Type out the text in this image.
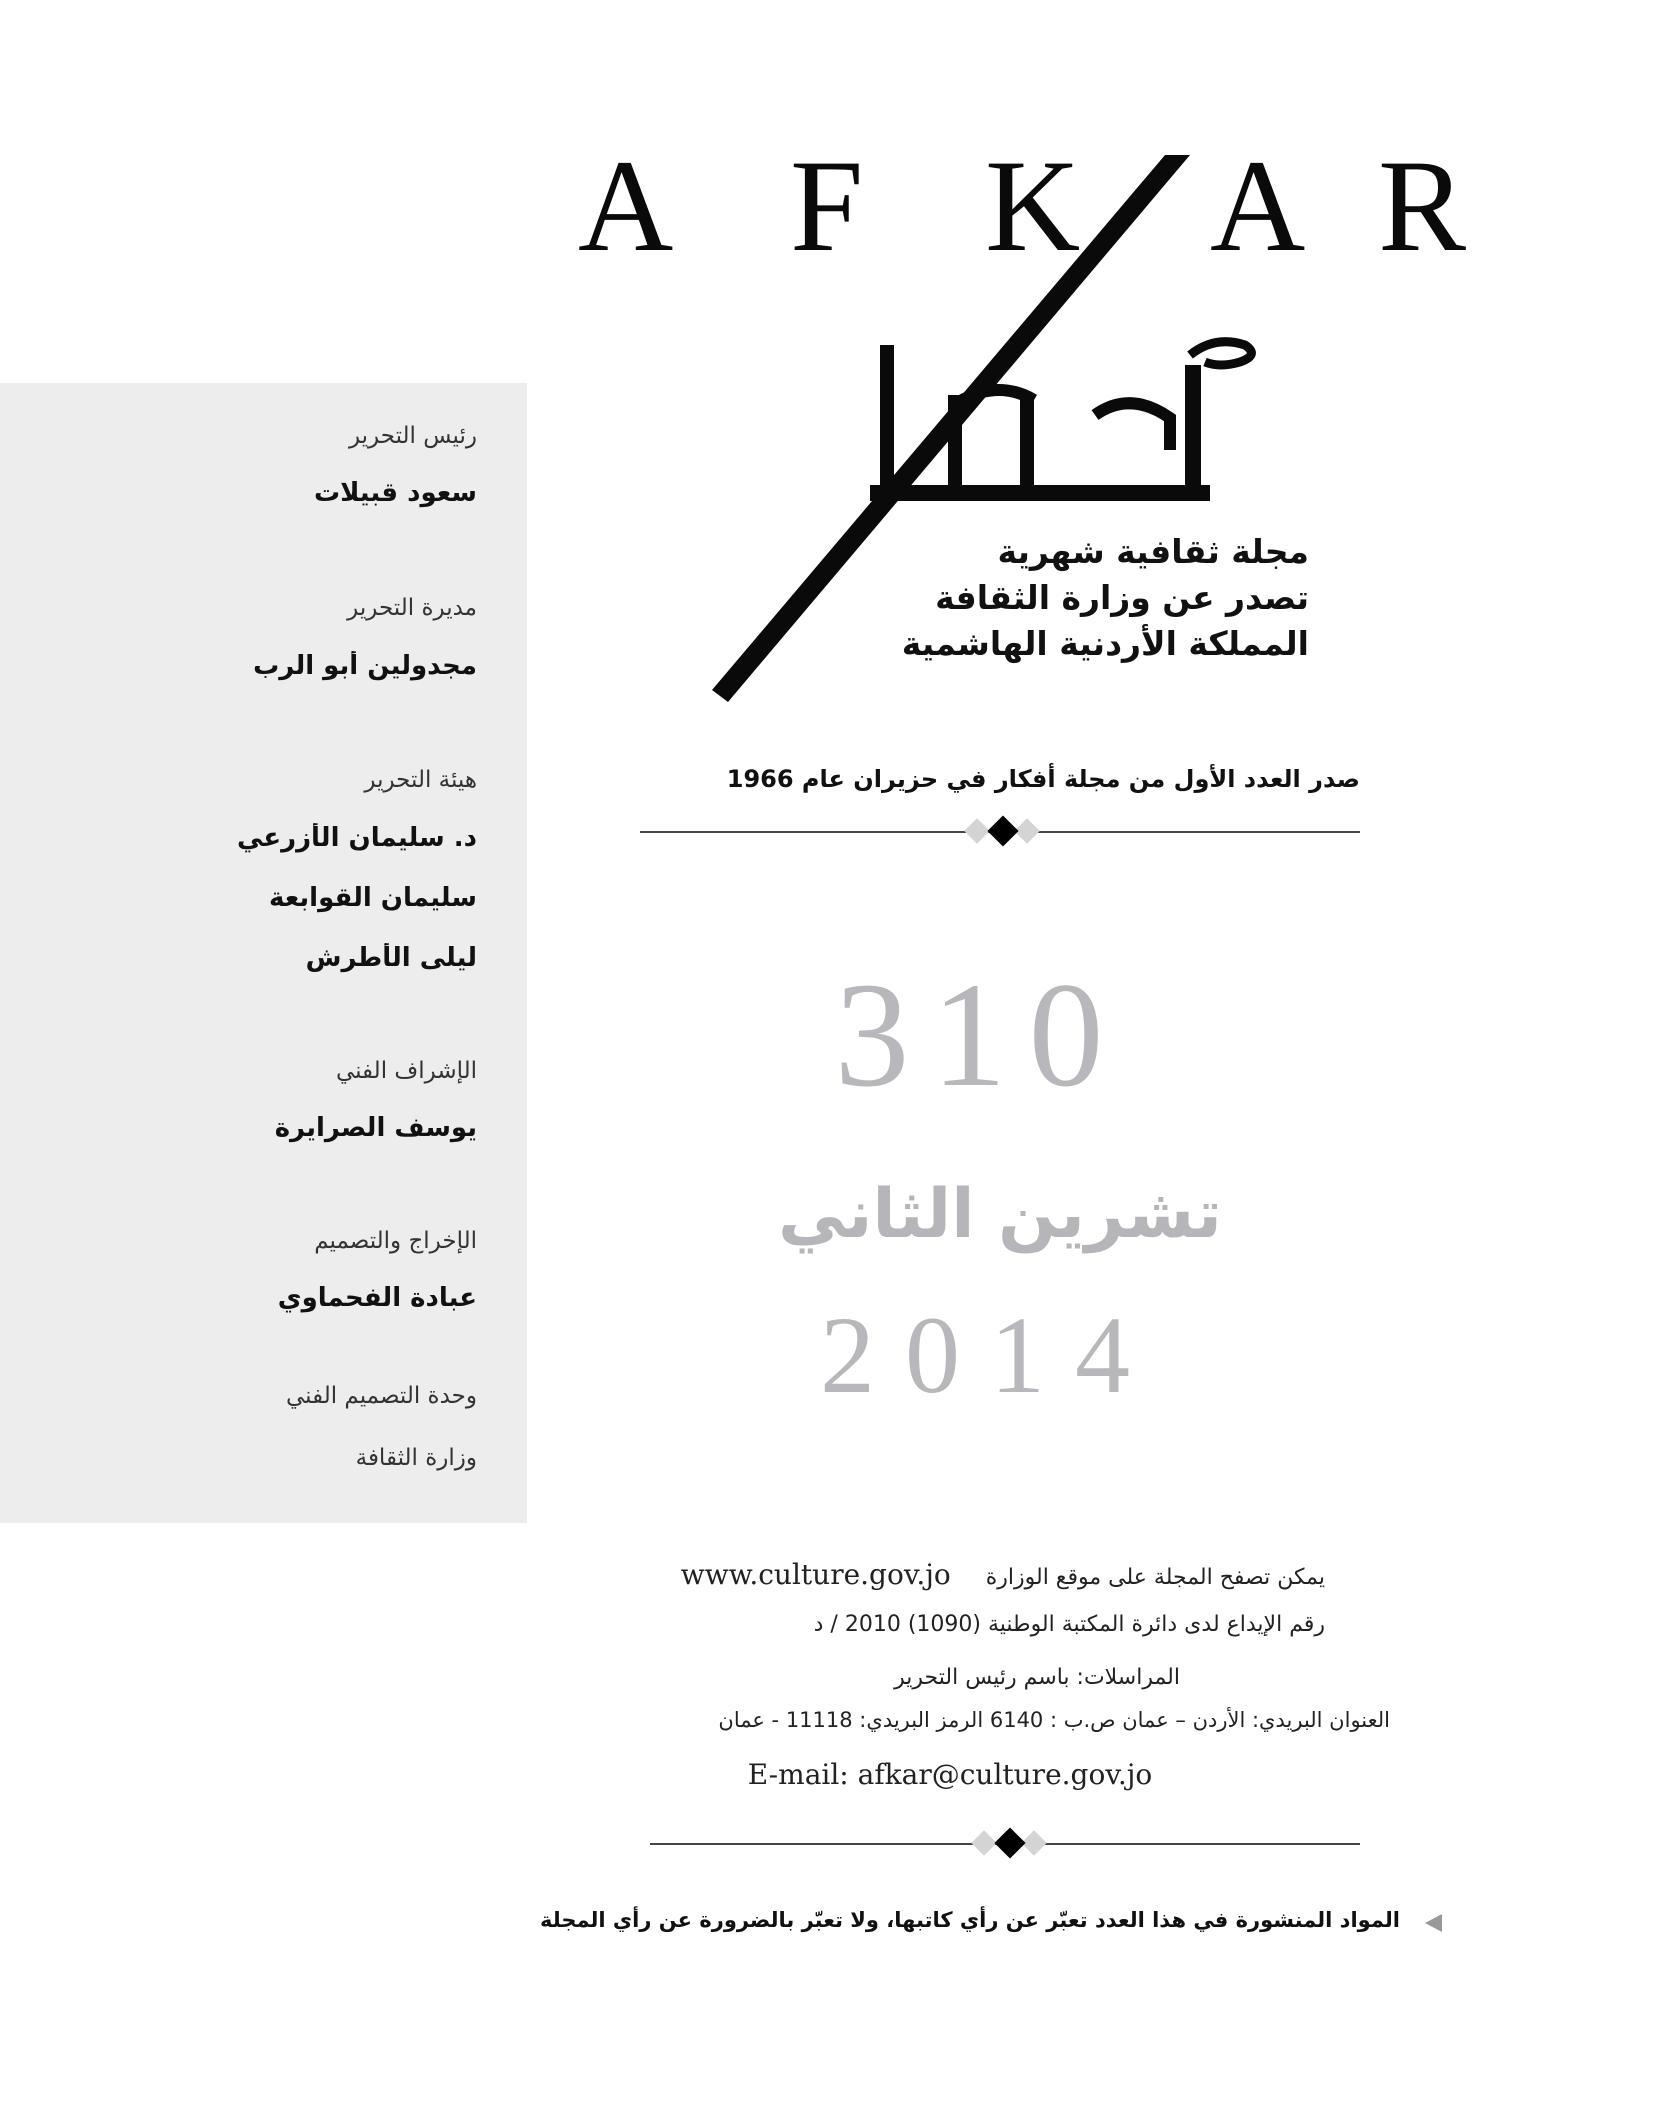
A F K A R
مجلة ثقافية شهرية
تصدر عن وزارة الثقافة
المملكة الأردنية الهاشمية
رئيس التحرير
سعود قبيلات
مديرة التحرير
مجدولين أبو الرب
هيئة التحرير
د. سليمان الأزرعي
سليمان القوابعة
ليلى الأطرش
الإشراف الفني
يوسف الصرايرة
الإخراج والتصميم
عبادة الفحماوي
وحدة التصميم الفني
وزارة الثقافة
صدر العدد الأول من مجلة أفكار في حزيران عام 1966
310
تشرين الثاني
2014
يمكن تصفح المجلة على موقع الوزارة     www.culture.gov.jo
رقم الإيداع لدى دائرة المكتبة الوطنية (1090) 2010 / د
المراسلات: باسم رئيس التحرير
العنوان البريدي: الأردن – عمان ص.ب : 6140 الرمز البريدي: 11118 - عمان
E-mail: afkar@culture.gov.jo
المواد المنشورة في هذا العدد تعبّر عن رأي كاتبها، ولا تعبّر بالضرورة عن رأي المجلة
